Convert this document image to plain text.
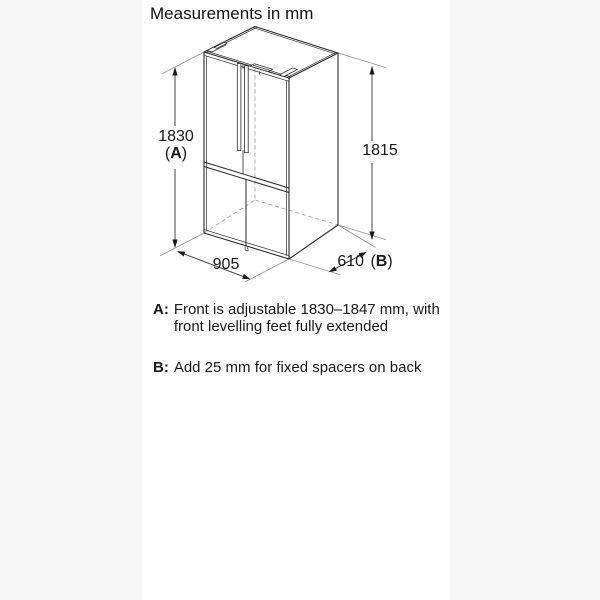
Measurements in mm
1830
(A)	1815
905	610 (B)
A: Front is adjustable 1830–1847 mm, with
front levelling feet fully extended
B: Add 25 mm for fixed spacers on back
